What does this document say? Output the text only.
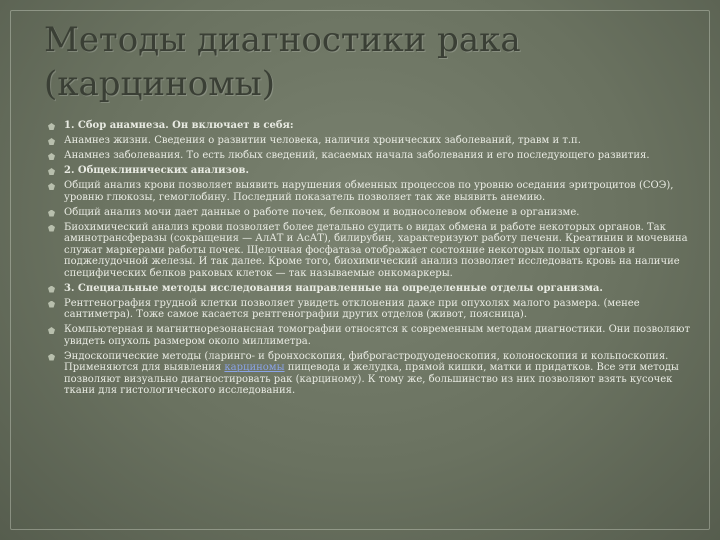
Методы диагностики рака (карциномы)
1. Сбор анамнеза. Он включает в себя:
Анамнез жизни. Сведения о развитии человека, наличия хронических заболеваний, травм и т.п.
Анамнез заболевания. То есть любых сведений, касаемых начала заболевания и его последующего развития.
2. Общеклинических анализов.
Общий анализ крови позволяет выявить нарушения обменных процессов по уровню оседания эритроцитов (СОЭ), уровню глюкозы, гемоглобину. Последний показатель позволяет так же выявить анемию.
Общий анализ мочи дает данные о работе почек, белковом и водносолевом обмене в организме.
Биохимический анализ крови позволяет более детально судить о видах обмена и работе некоторых органов. Так аминотрансферазы (сокращения — АлАТ и АсАТ), билирубин, характеризуют работу печени. Креатинин и мочевина служат маркерами работы почек. Щелочная фосфатаза отображает состояние некоторых полых органов и поджелудочной железы. И так далее. Кроме того, биохимический анализ позволяет исследовать кровь на наличие специфических белков раковых клеток — так называемые онкомаркеры.
3. Специальные методы исследования направленные на определенные отделы организма.
Рентгенография грудной клетки позволяет увидеть отклонения даже при опухолях малого размера. (менее сантиметра). Тоже самое касается рентгенографии других отделов (живот, поясница).
Компьютерная и магнитнорезонансная томографии относятся к современным методам диагностики. Они позволяют увидеть опухоль размером около миллиметра.
Эндоскопические методы (ларинго- и бронхоскопия, фиброгастродуоденоскопия, колоноскопия и кольпоскопия. Применяются для выявления карциномы пищевода и желудка, прямой кишки, матки и придатков. Все эти методы позволяют визуально диагностировать рак (карциному). К тому же, большинство из них позволяют взять кусочек ткани для гистологического исследования.
